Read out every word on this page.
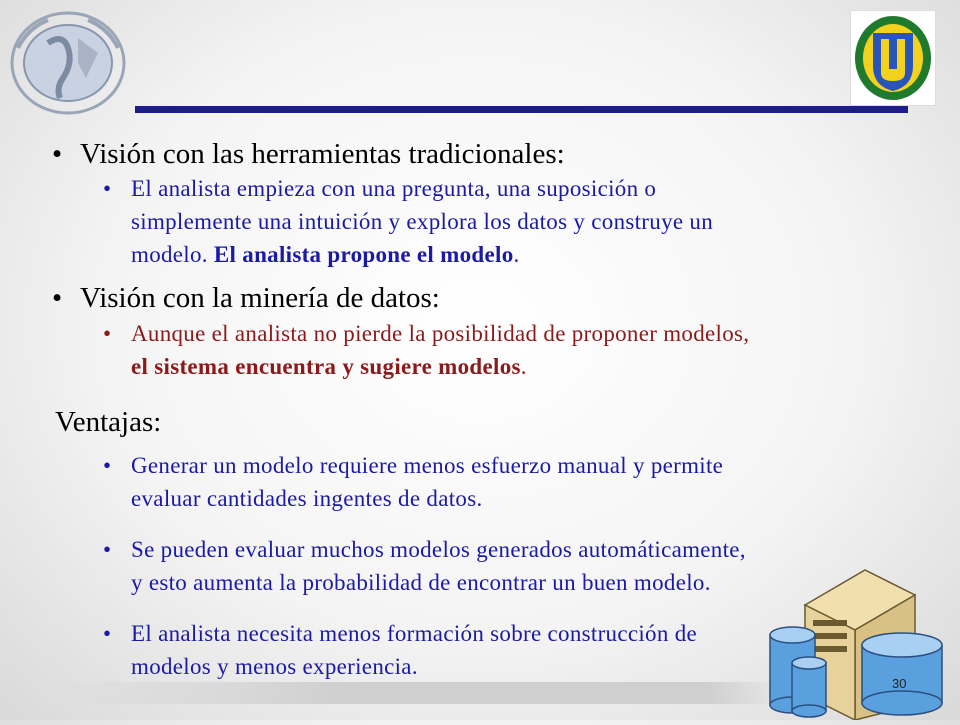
• Visión con las herramientas tradicionales:
• El analista empieza con una pregunta, una suposición o
simplemente una intuición y explora los datos y construye un
modelo. El analista propone el modelo.
• Visión con la minería de datos:
• Aunque el analista no pierde la posibilidad de proponer modelos,
el sistema encuentra y sugiere modelos.
Ventajas:
• Generar un modelo requiere menos esfuerzo manual y permite
evaluar cantidades ingentes de datos.
• Se pueden evaluar muchos modelos generados automáticamente,
y esto aumenta la probabilidad de encontrar un buen modelo.
• El analista necesita menos formación sobre construcción de
modelos y menos experiencia.
30
